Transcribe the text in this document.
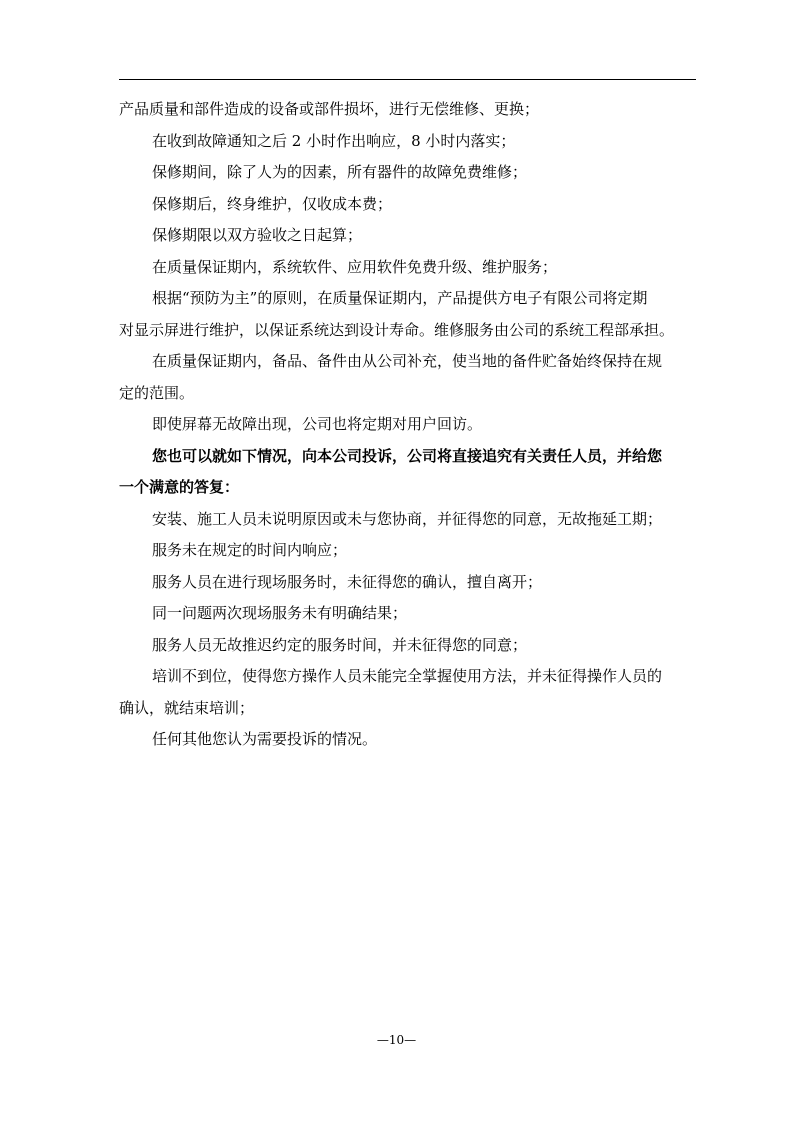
产品质量和部件造成的设备或部件损坏，进行无偿维修、更换；

在收到故障通知之后 2 小时作出响应，8 小时内落实；

保修期间，除了人为的因素，所有器件的故障免费维修；

保修期后，终身维护，仅收成本费；

保修期限以双方验收之日起算；

在质量保证期内，系统软件、应用软件免费升级、维护服务；

根据“预防为主”的原则，在质量保证期内，产品提供方电子有限公司将定期
对显示屏进行维护，以保证系统达到设计寿命。维修服务由公司的系统工程部承担。
在质量保证期内，备品、备件由从公司补充，使当地的备件贮备始终保持在规
定的范围。

即使屏幕无故障出现，公司也将定期对用户回访。

您也可以就如下情况，向本公司投诉，公司将直接追究有关责任人员，并给您
一个满意的答复：

安装、施工人员未说明原因或未与您协商，并征得您的同意，无故拖延工期；

服务未在规定的时间内响应；

服务人员在进行现场服务时，未征得您的确认，擅自离开；

同一问题两次现场服务未有明确结果；

服务人员无故推迟约定的服务时间，并未征得您的同意；

培训不到位，使得您方操作人员未能完全掌握使用方法，并未征得操作人员的
确认，就结束培训；

任何其他您认为需要投诉的情况。

—10—
